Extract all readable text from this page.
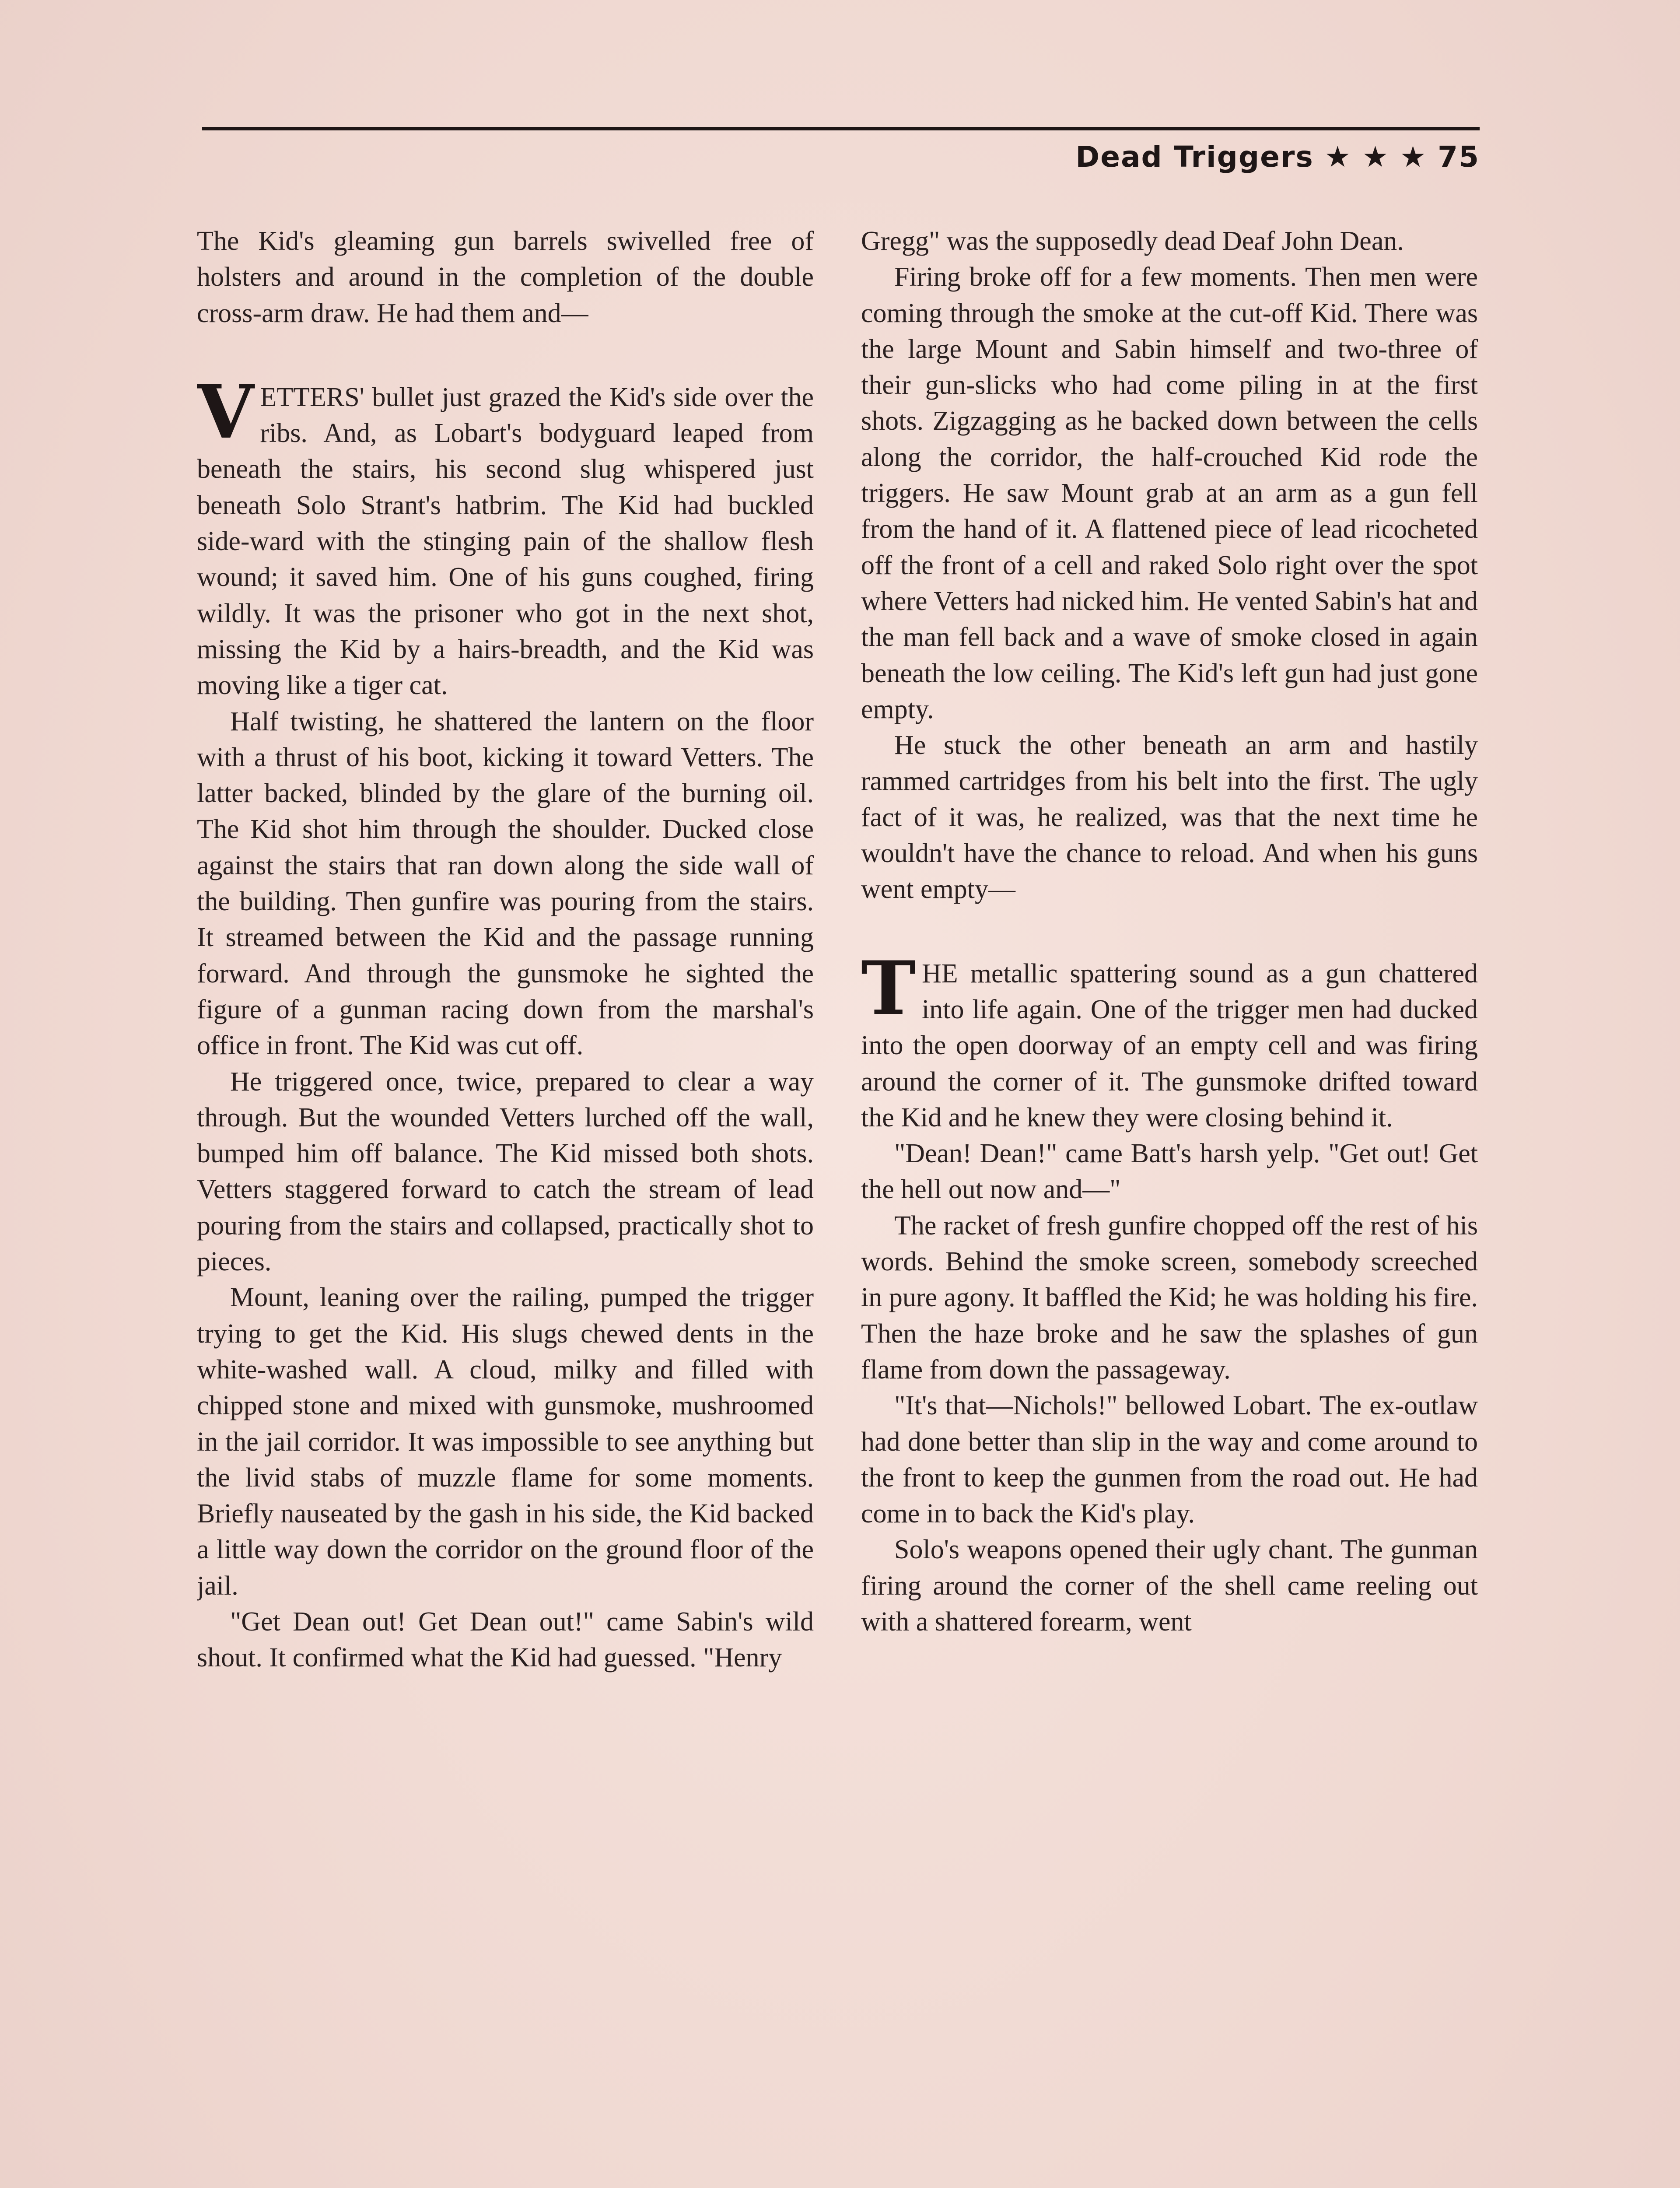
Dead Triggers ★ ★ ★ 75

The Kid's gleaming gun barrels swivelled free of holsters and around in the completion of the double cross-arm draw. He had them and—

VETTERS' bullet just grazed the Kid's side over the ribs. And, as Lobart's bodyguard leaped from beneath the stairs, his second slug whispered just beneath Solo Strant's hatbrim. The Kid had buckled side-ward with the stinging pain of the shallow flesh wound; it saved him. One of his guns coughed, firing wildly. It was the prisoner who got in the next shot, missing the Kid by a hairs-breadth, and the Kid was moving like a tiger cat.

Half twisting, he shattered the lantern on the floor with a thrust of his boot, kicking it toward Vetters. The latter backed, blinded by the glare of the burning oil. The Kid shot him through the shoulder. Ducked close against the stairs that ran down along the side wall of the building. Then gunfire was pouring from the stairs. It streamed between the Kid and the passage running forward. And through the gunsmoke he sighted the figure of a gunman racing down from the marshal's office in front. The Kid was cut off.

He triggered once, twice, prepared to clear a way through. But the wounded Vetters lurched off the wall, bumped him off balance. The Kid missed both shots. Vetters staggered forward to catch the stream of lead pouring from the stairs and collapsed, practically shot to pieces.

Mount, leaning over the railing, pumped the trigger trying to get the Kid. His slugs chewed dents in the white-washed wall. A cloud, milky and filled with chipped stone and mixed with gunsmoke, mushroomed in the jail corridor. It was impossible to see anything but the livid stabs of muzzle flame for some moments. Briefly nauseated by the gash in his side, the Kid backed a little way down the corridor on the ground floor of the jail.

"Get Dean out! Get Dean out!" came Sabin's wild shout. It confirmed what the Kid had guessed. "Henry

Gregg" was the supposedly dead Deaf John Dean.

Firing broke off for a few moments. Then men were coming through the smoke at the cut-off Kid. There was the large Mount and Sabin himself and two-three of their gun-slicks who had come piling in at the first shots. Zigzagging as he backed down between the cells along the corridor, the half-crouched Kid rode the triggers. He saw Mount grab at an arm as a gun fell from the hand of it. A flattened piece of lead ricocheted off the front of a cell and raked Solo right over the spot where Vetters had nicked him. He vented Sabin's hat and the man fell back and a wave of smoke closed in again beneath the low ceiling. The Kid's left gun had just gone empty.

He stuck the other beneath an arm and hastily rammed cartridges from his belt into the first. The ugly fact of it was, he realized, was that the next time he wouldn't have the chance to reload. And when his guns went empty—

THE metallic spattering sound as a gun chattered into life again. One of the trigger men had ducked into the open doorway of an empty cell and was firing around the corner of it. The gunsmoke drifted toward the Kid and he knew they were closing behind it.

"Dean! Dean!" came Batt's harsh yelp. "Get out! Get the hell out now and—"

The racket of fresh gunfire chopped off the rest of his words. Behind the smoke screen, somebody screeched in pure agony. It baffled the Kid; he was holding his fire. Then the haze broke and he saw the splashes of gun flame from down the passageway.

"It's that—Nichols!" bellowed Lobart. The ex-outlaw had done better than slip in the way and come around to the front to keep the gunmen from the road out. He had come in to back the Kid's play.

Solo's weapons opened their ugly chant. The gunman firing around the corner of the shell came reeling out with a shattered forearm, went
